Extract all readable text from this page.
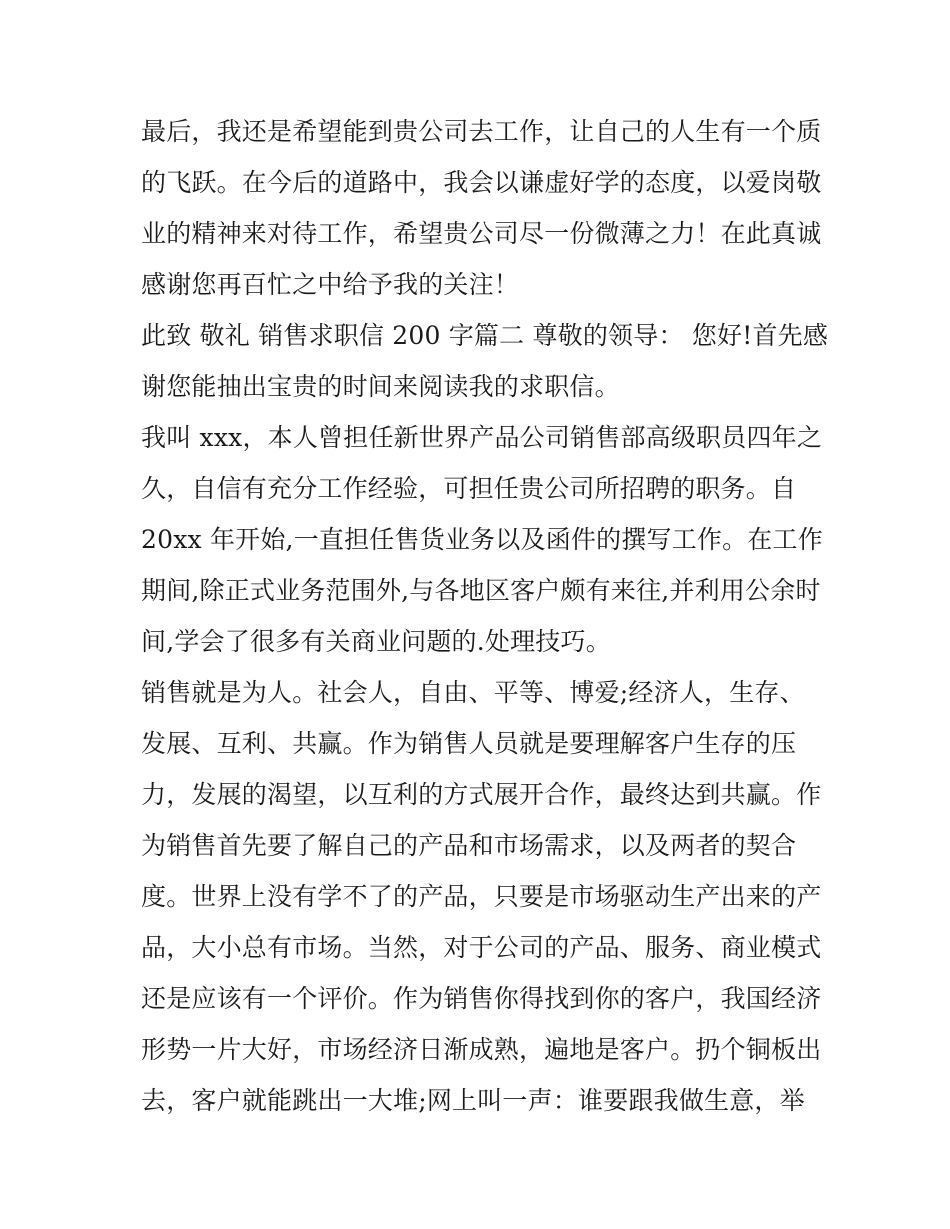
最后，我还是希望能到贵公司去工作，让自己的人生有一个质
的飞跃。在今后的道路中，我会以谦虚好学的态度，以爱岗敬
业的精神来对待工作，希望贵公司尽一份微薄之力！在此真诚
感谢您再百忙之中给予我的关注！
此致 敬礼 销售求职信 200 字篇二 尊敬的领导： 您好!首先感
谢您能抽出宝贵的时间来阅读我的求职信。
我叫 xxx，本人曾担任新世界产品公司销售部高级职员四年之
久，自信有充分工作经验，可担任贵公司所招聘的职务。自
20xx 年开始,一直担任售货业务以及函件的撰写工作。在工作
期间,除正式业务范围外,与各地区客户颇有来往,并利用公余时
间,学会了很多有关商业问题的.处理技巧。
销售就是为人。社会人，自由、平等、博爱;经济人，生存、
发展、互利、共赢。作为销售人员就是要理解客户生存的压
力，发展的渴望，以互利的方式展开合作，最终达到共赢。作
为销售首先要了解自己的产品和市场需求，以及两者的契合
度。世界上没有学不了的产品，只要是市场驱动生产出来的产
品，大小总有市场。当然，对于公司的产品、服务、商业模式
还是应该有一个评价。作为销售你得找到你的客户，我国经济
形势一片大好，市场经济日渐成熟，遍地是客户。扔个铜板出
去，客户就能跳出一大堆;网上叫一声：谁要跟我做生意，举
